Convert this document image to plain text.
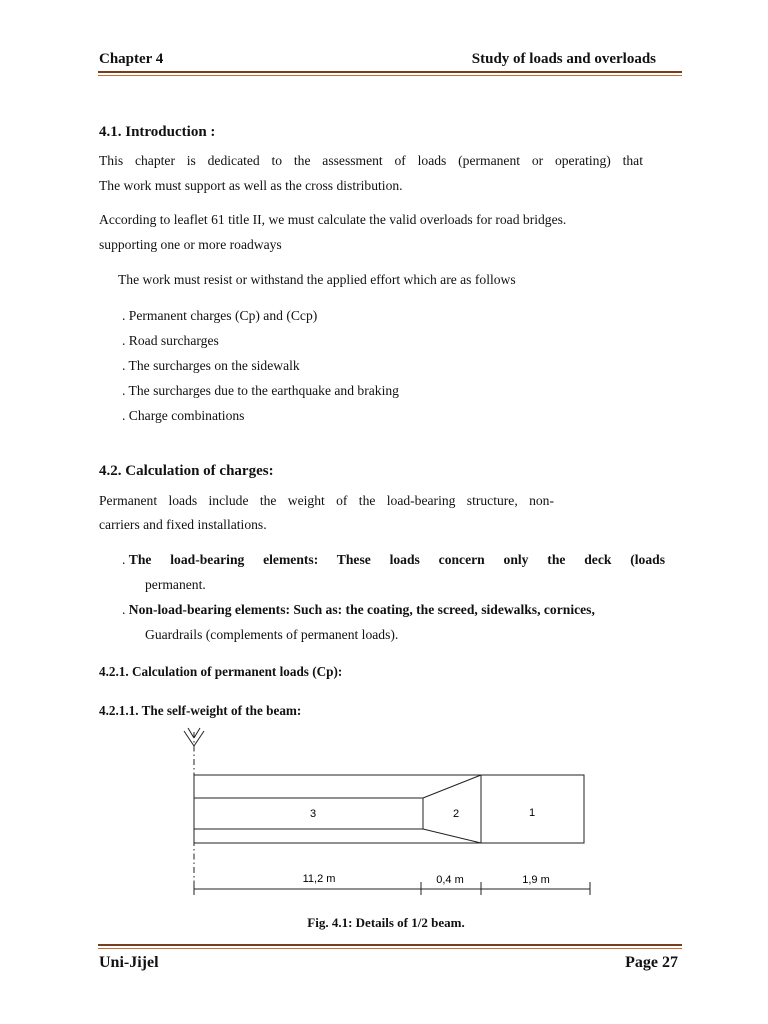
Chapter 4	Study of loads and overloads
4.1. Introduction :
This chapter is dedicated to the assessment of loads (permanent or operating) that
The work must support as well as the cross distribution.
According to leaflet 61 title II, we must calculate the valid overloads for road bridges.
supporting one or more roadways
The work must resist or withstand the applied effort which are as follows
. Permanent charges (Cp) and (Ccp)
. Road surcharges
. The surcharges on the sidewalk
. The surcharges due to the earthquake and braking
. Charge combinations
4.2. Calculation of charges:
Permanent loads include the weight of the load-bearing structure, non-
carriers and fixed installations.
. The load-bearing elements: These loads concern only the deck (loads
permanent.
. Non-load-bearing elements: Such as: the coating, the screed, sidewalks, cornices,
Guardrails (complements of permanent loads).
4.2.1. Calculation of permanent loads (Cp):
4.2.1.1. The self-weight of the beam:
3	2	1
11,2 m	0,4 m	1,9 m
Fig. 4.1: Details of 1/2 beam.
Uni-Jijel	Page 27
